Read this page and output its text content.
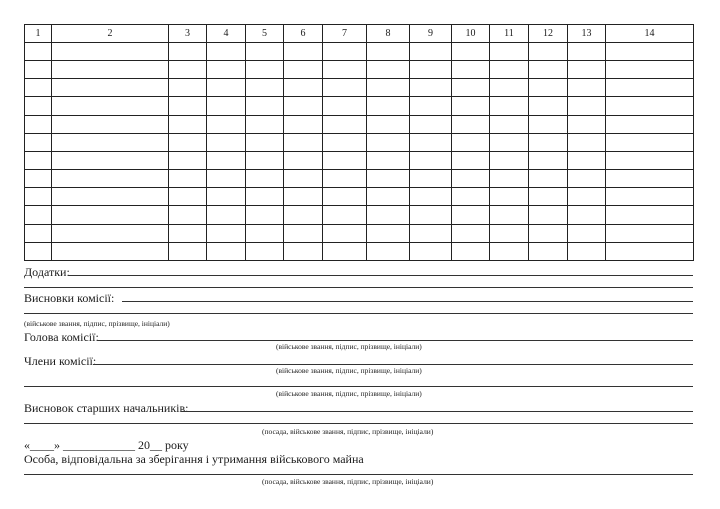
1	2	3	4	5	6	7	8	9	10	11	12	13	14

Додатки:
Висновки комісії:
(військове звання, підпис, прізвище, ініціали)
Голова комісії:
(військове звання, підпис, прізвище, ініціали)
Члени комісії:
(військове звання, підпис, прізвище, ініціали)
(військове звання, підпис, прізвище, ініціали)
Висновок старших начальників:
(посада, військове звання, підпис, прізвище, ініціали)
«____» ____________ 20__ року
Особа, відповідальна за зберігання і утримання військового майна
(посада, військове звання, підпис, прізвище, ініціали)
